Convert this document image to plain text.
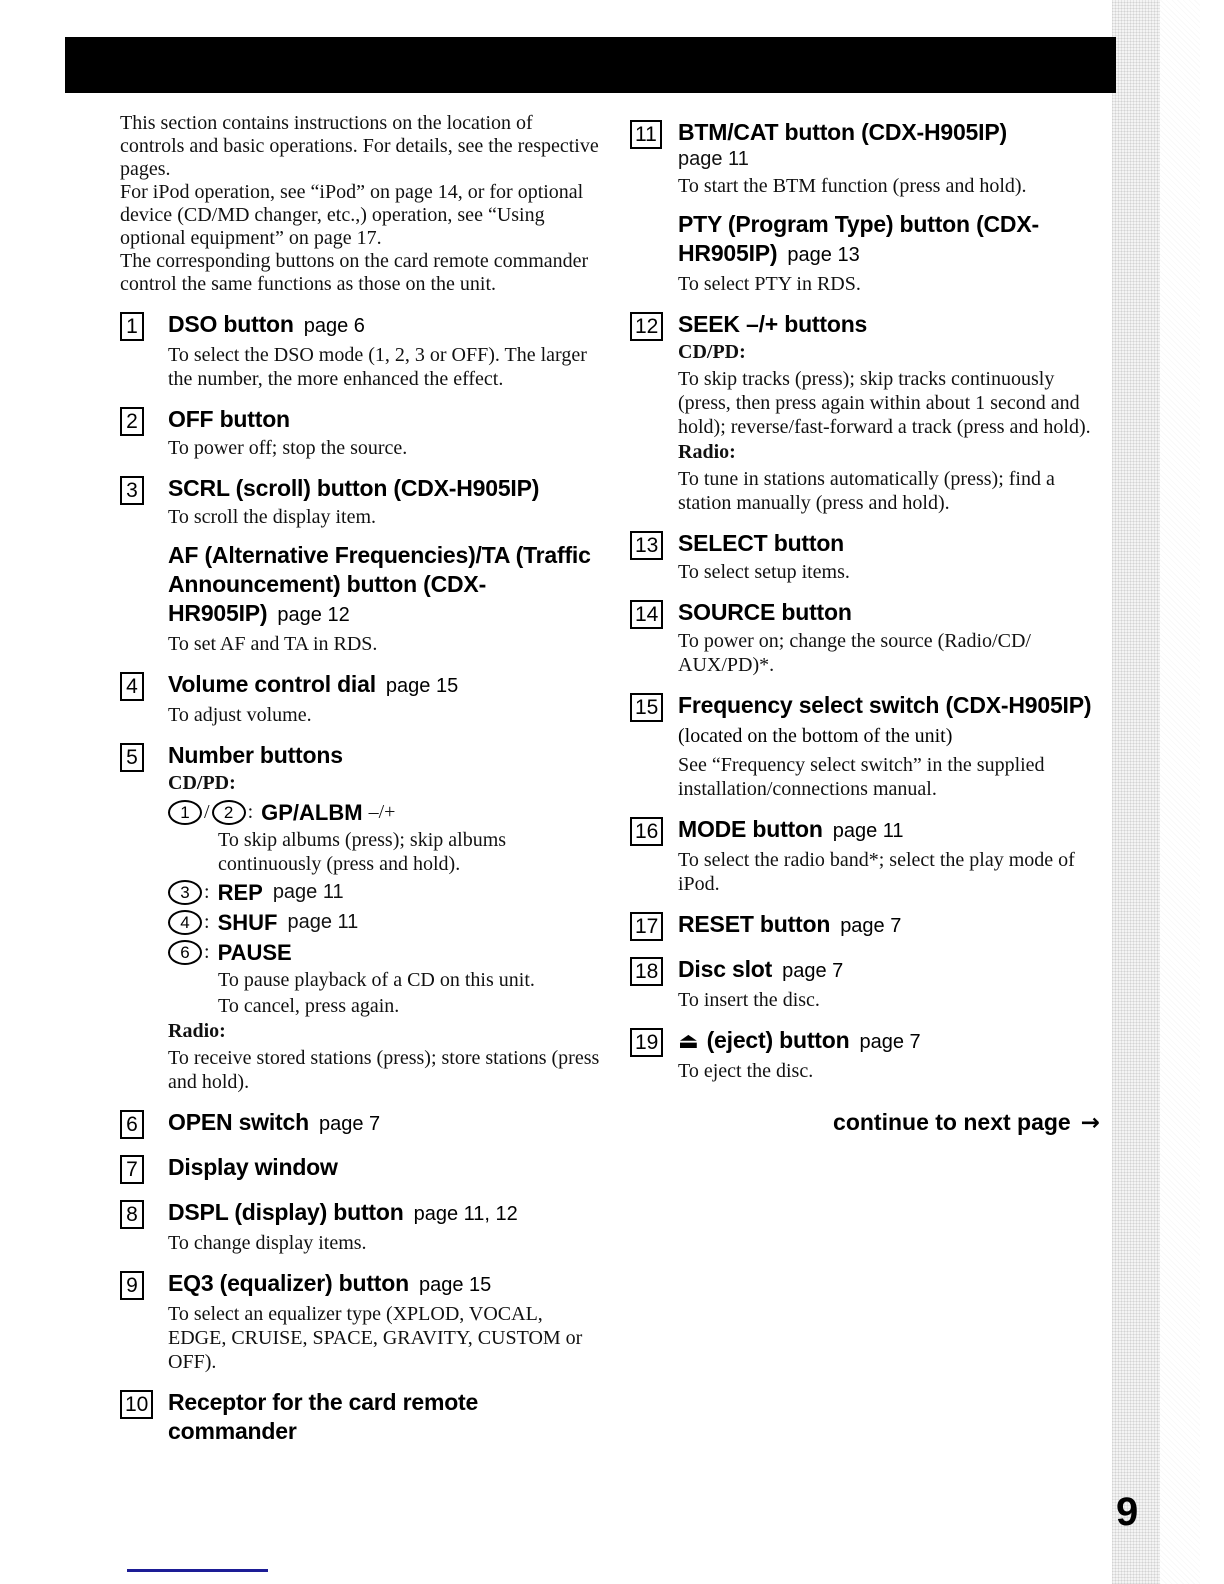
This section contains instructions on the location of controls and basic operations. For details, see the respective pages.

For iPod operation, see “iPod” on page 14, or for optional device (CD/MD changer, etc.,) operation, see “Using optional equipment” on page 17.

The corresponding buttons on the card remote commander control the same functions as those on the unit.

1	DSO button page 6
To select the DSO mode (1, 2, 3 or OFF). The larger the number, the more enhanced the effect.
2	OFF button
To power off; stop the source.
3	SCRL (scroll) button (CDX-H905IP)
To scroll the display item.
AF (Alternative Frequencies)/TA (Traffic Announcement) button (CDX-HR905IP) page 12
To set AF and TA in RDS.
4	Volume control dial page 15
To adjust volume.
5	Number buttons
CD/PD:
1 / 2 : GP/ALBM –/+
To skip albums (press); skip albums continuously (press and hold).
3 : REP page 11
4 : SHUF page 11
6 : PAUSE
To pause playback of a CD on this unit.
To cancel, press again.
Radio:
To receive stored stations (press); store stations (press and hold).
6	OPEN switch page 7
7	Display window
8	DSPL (display) button page 11, 12
To change display items.
9	EQ3 (equalizer) button page 15
To select an equalizer type (XPLOD, VOCAL, EDGE, CRUISE, SPACE, GRAVITY, CUSTOM or OFF).
10 Receptor for the card remote commander
11 BTM/CAT button (CDX-H905IP)
page 11
To start the BTM function (press and hold).
PTY (Program Type) button (CDX-HR905IP) page 13
To select PTY in RDS.
12 SEEK –/+ buttons
CD/PD:
To skip tracks (press); skip tracks continuously (press, then press again within about 1 second and hold); reverse/fast-forward a track (press and hold).
Radio:
To tune in stations automatically (press); find a station manually (press and hold).
13 SELECT button
To select setup items.
14 SOURCE button
To power on; change the source (Radio/CD/ AUX/PD)*.
15 Frequency select switch (CDX-H905IP) (located on the bottom of the unit)
See “Frequency select switch” in the supplied installation/connections manual.
16 MODE button page 11
To select the radio band*; select the play mode of iPod.
17 RESET button page 7
18 Disc slot page 7
To insert the disc.
19 ⏏ (eject) button page 7
To eject the disc.
continue to next page →
9
